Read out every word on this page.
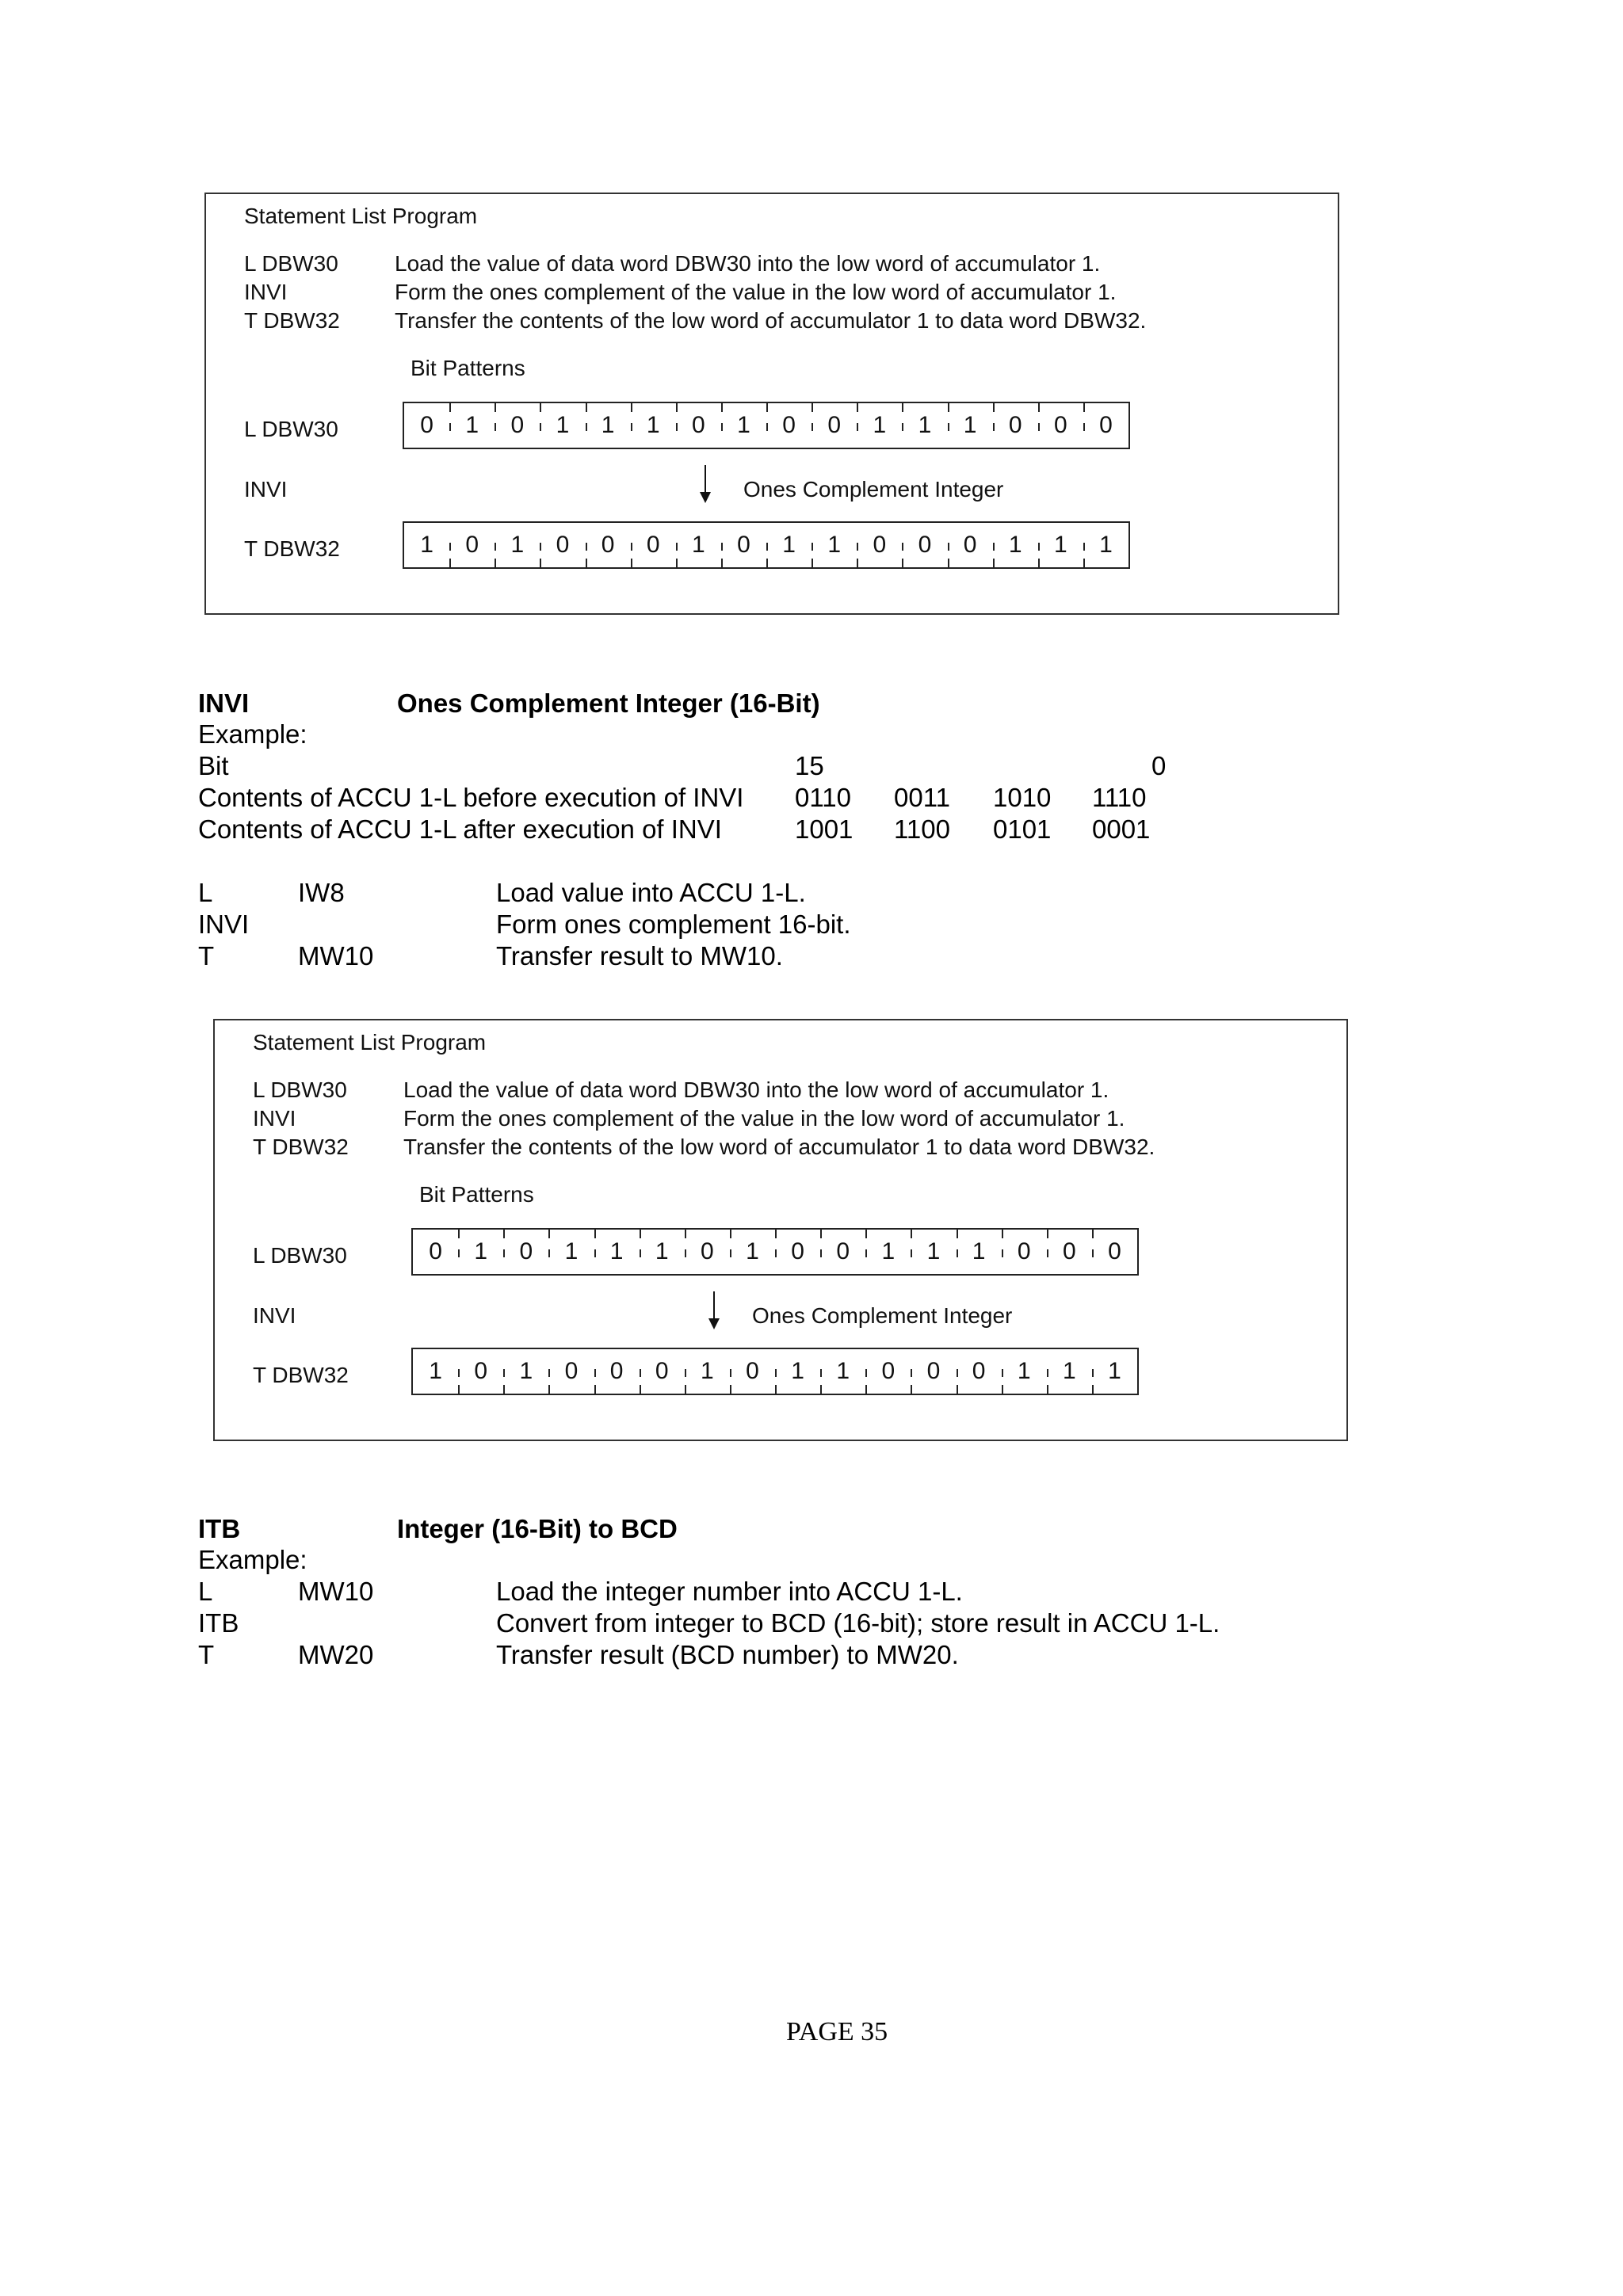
Statement List Program
L DBW30	Load the value of data word DBW30 into the low word of accumulator 1.
INVI	Form the ones complement of the value in the low word of accumulator 1.
T DBW32 Transfer the contents of the low word of accumulator 1 to data word DBW32.
Bit Patterns
L DBW30	0	1	0	1	1	1	0	1	0	0	1	1	1	0	0	0
INVI	Ones Complement Integer
T DBW32	1	0	1	0	0	0	1	0	1	1	0	0	0	1	1	1
INVI	Ones Complement Integer (16-Bit)
Example:
Bit	15	0
Contents of ACCU 1-L before execution of INVI 0110 0011 1010 1110
Contents of ACCU 1-L after execution of INVI	1001 1100 0101 0001
L	IW8	Load value into ACCU 1-L.
INVI	Form ones complement 16-bit.
T	MW10	Transfer result to MW10.
Statement List Program
L DBW30	Load the value of data word DBW30 into the low word of accumulator 1.
INVI	Form the ones complement of the value in the low word of accumulator 1.
T DBW32 Transfer the contents of the low word of accumulator 1 to data word DBW32.
Bit Patterns
L DBW30	0	1	0	1	1	1	0	1	0	0	1	1	1	0	0	0
INVI	Ones Complement Integer
T DBW32	1	0	1	0	0	0	1	0	1	1	0	0	0	1	1	1
ITB	Integer (16-Bit) to BCD
Example:
L	MW10	Load the integer number into ACCU 1-L.
ITB	Convert from integer to BCD (16-bit); store result in ACCU 1-L.
T	MW20	Transfer result (BCD number) to MW20.
PAGE 35
